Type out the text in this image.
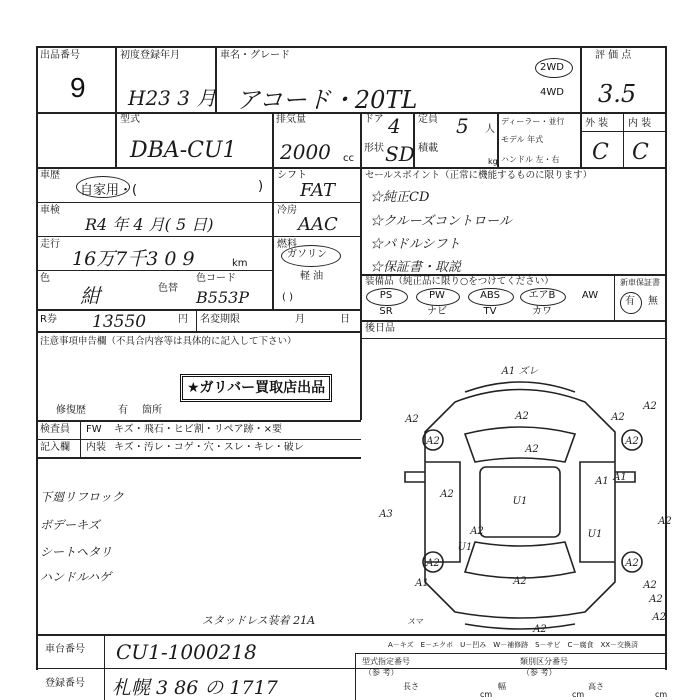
出品番号
9
初度登録年月
H23 3 月
車名・グレード
アコード・20TL
2WD
4WD
評 価 点
3.5
型式
DBA-CU1
排気量
2000 cc
ドア 4
形状 SD
定員 5 人
積載
kg
ディーラー・並行
モデル 年式
ハンドル 左・右
外 装 内 装
C C
車歴
自家用・(	)
シフト
FAT
車検
R4 年 4 月( 5 日)
冷房
AAC
走行
16万7千3 0 9	km
燃料
ガソリン
軽 油
( )
色
紺	色替
色コード
B553P
R券 13550	円 名変期限	月	日
注意事項申告欄（不具合内容等は具体的に記入して下さい）
★ガリバー買取店出品
修復歴	有 箇所
検査員
記入欄
FW キズ・飛石・ヒビ割・リペア跡・×要
内装 キズ・汚レ・コゲ・穴・スレ・キレ・破レ
下廻リフロック
ボデーキズ
シートヘタリ
ハンドルハゲ
セールスポイント（正常に機能するものに限ります）
☆純正CD
☆クルーズコントロール
☆パドルシフト
☆保証書・取説
装備品（純正品に限り○をつけてください）	新車保証書
PS	PW	ABS	エアB	AW
SR	ナビ	TV	カワ
有	無
後日品
A1 ズレ
A2
A2
A2	A2
A2
A1
A1
A2
U1
U1
A2
A2
A2
A1
A2
U1
A2	A2
A2
A2
A3
A2	A2
スマ	A2
スタッドレス装着 21A
A－キズ　E－エクボ　U－凹み　W－補修跡　S－サビ　C－腐食　XX－交換済
車台番号 CU1-1000218
登録番号 札幌 3 86 の 1717
型式指定番号
（参 考）
類別区分番号
（参 考）
長さ
cm
幅
cm
高さ
cm
